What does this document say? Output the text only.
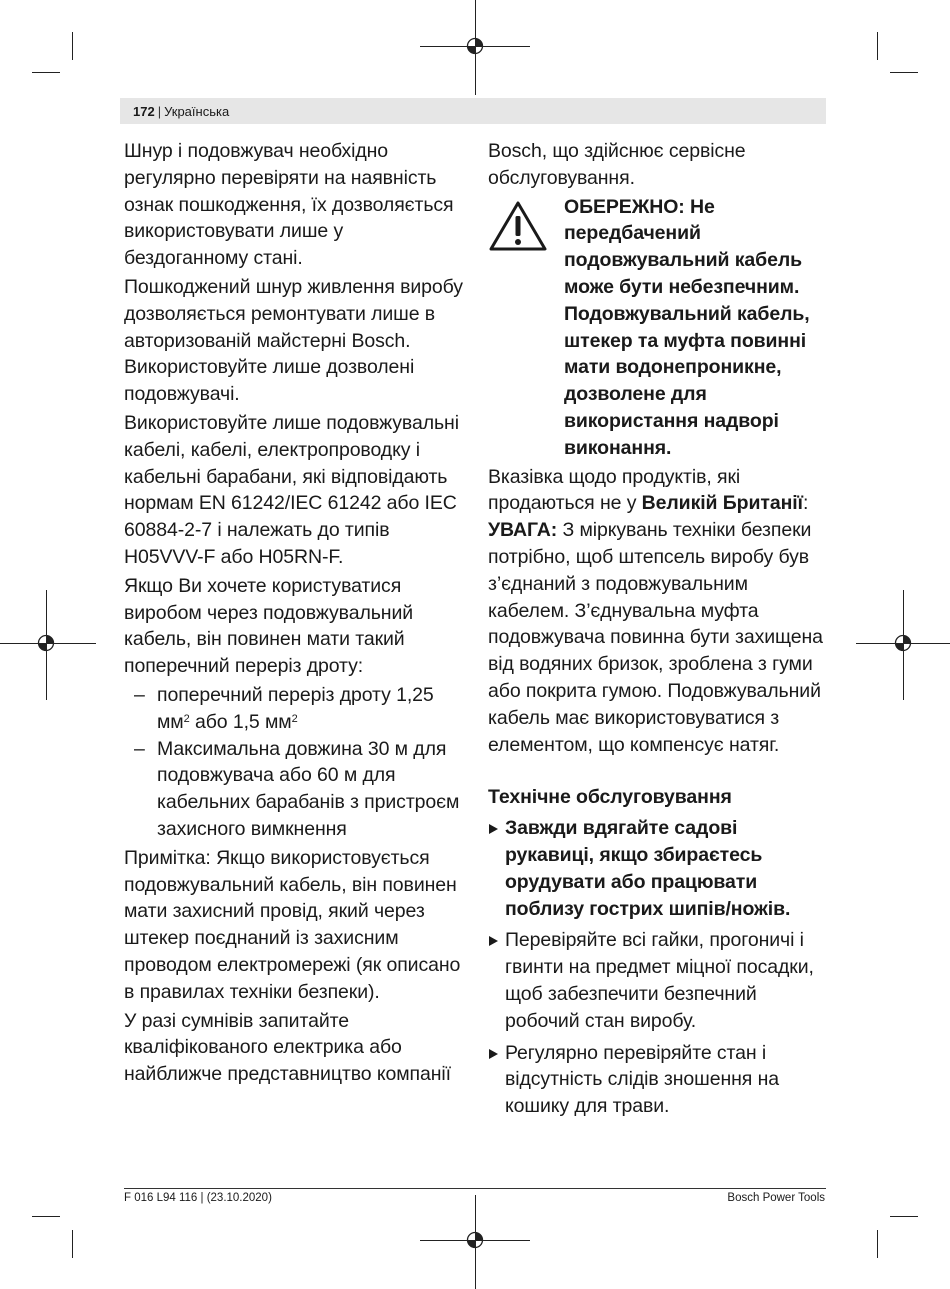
172 | Українська

Шнур і подовжувач необхідно регулярно перевіряти на наявність ознак пошкодження, їх дозволяється використовувати лише у бездоганному стані.

Пошкоджений шнур живлення виробу дозволяється ремонтувати лише в авторизованій майстерні Bosch. Використовуйте лише дозволені подовжувачі.

Використовуйте лише подовжувальні кабелі, кабелі, електропроводку і кабельні барабани, які відповідають нормам EN 61242/IEC 61242 або IEC 60884-2-7 і належать до типів H05VVV-F або H05RN-F.

Якщо Ви хочете користуватися виробом через подовжувальний кабель, він повинен мати такий поперечний переріз дроту:

– поперечний переріз дроту 1,25 $мм^2$ або 1,5 $мм^2$
– Максимальна довжина 30 м для подовжувача або 60 м для кабельних барабанів з пристроєм захисного вимкнення

Примітка: Якщо використовується подовжувальний кабель, він повинен мати захисний провід, який через штекер поєднаний із захисним проводом електромережі (як описано в правилах техніки безпеки).

У разі сумнівів запитайте кваліфікованого електрика або найближче представництво компанії

Bosch, що здійснює сервісне обслуговування.

ОБЕРЕЖНО: Не передбачений подовжувальний кабель може бути небезпечним. Подовжувальний кабель, штекер та муфта повинні мати водонепроникне, дозволене для використання надворі виконання.

Вказівка щодо продуктів, які продаються не у Великій Британії:
УВАГА: З міркувань техніки безпеки потрібно, щоб штепсель виробу був з’єднаний з подовжувальним кабелем. З’єднувальна муфта подовжувача повинна бути захищена від водяних бризок, зроблена з гуми або покрита гумою. Подовжувальний кабель має використовуватися з елементом, що компенсує натяг.

Технічне обслуговування

Завжди вдягайте садові рукавиці, якщо збираєтесь орудувати або працювати поблизу гострих шипів/ножів.
Перевіряйте всі гайки, прогоничі і гвинти на предмет міцної посадки, щоб забезпечити безпечний робочий стан виробу.
Регулярно перевіряйте стан і відсутність слідів зношення на кошику для трави.
F 016 L94 116 | (23.10.2020)	Bosch Power Tools
